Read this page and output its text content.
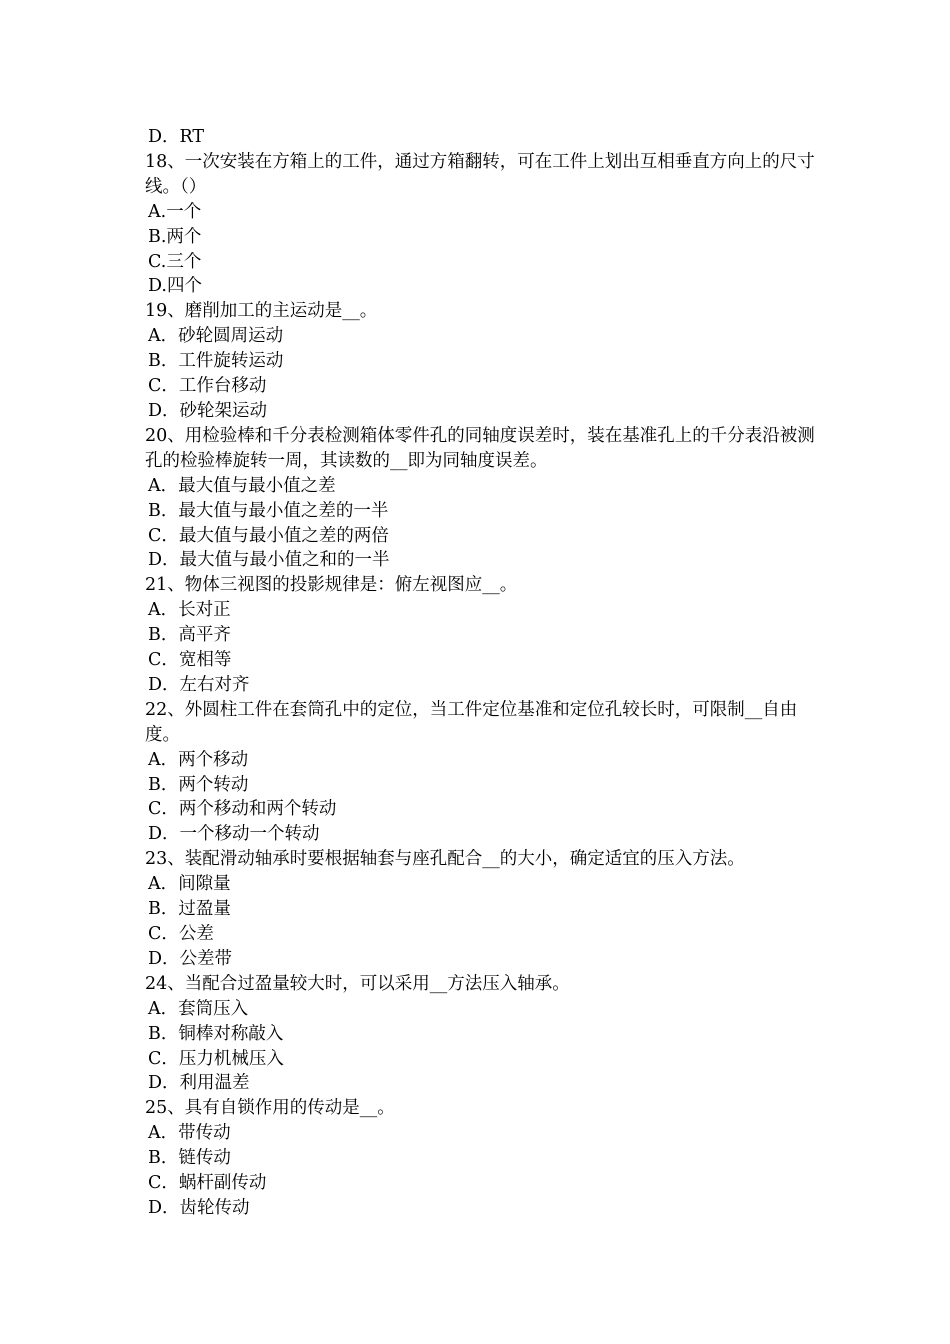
D．RT
18、一次安装在方箱上的工件，通过方箱翻转，可在工件上划出互相垂直方向上的尺寸线。（）
A.一个
B.两个
C.三个
D.四个
19、磨削加工的主运动是__。
A．砂轮圆周运动
B．工件旋转运动
C．工作台移动
D．砂轮架运动
20、用检验棒和千分表检测箱体零件孔的同轴度误差时，装在基准孔上的千分表沿被测孔的检验棒旋转一周，其读数的__即为同轴度误差。
A．最大值与最小值之差
B．最大值与最小值之差的一半
C．最大值与最小值之差的两倍
D．最大值与最小值之和的一半
21、物体三视图的投影规律是：俯左视图应__。
A．长对正
B．高平齐
C．宽相等
D．左右对齐
22、外圆柱工件在套筒孔中的定位，当工件定位基准和定位孔较长时，可限制__自由度。
A．两个移动
B．两个转动
C．两个移动和两个转动
D．一个移动一个转动
23、装配滑动轴承时要根据轴套与座孔配合__的大小，确定适宜的压入方法。
A．间隙量
B．过盈量
C．公差
D．公差带
24、当配合过盈量较大时，可以采用__方法压入轴承。
A．套筒压入
B．铜棒对称敲入
C．压力机械压入
D．利用温差
25、具有自锁作用的传动是__。
A．带传动
B．链传动
C．蜗杆副传动
D．齿轮传动
